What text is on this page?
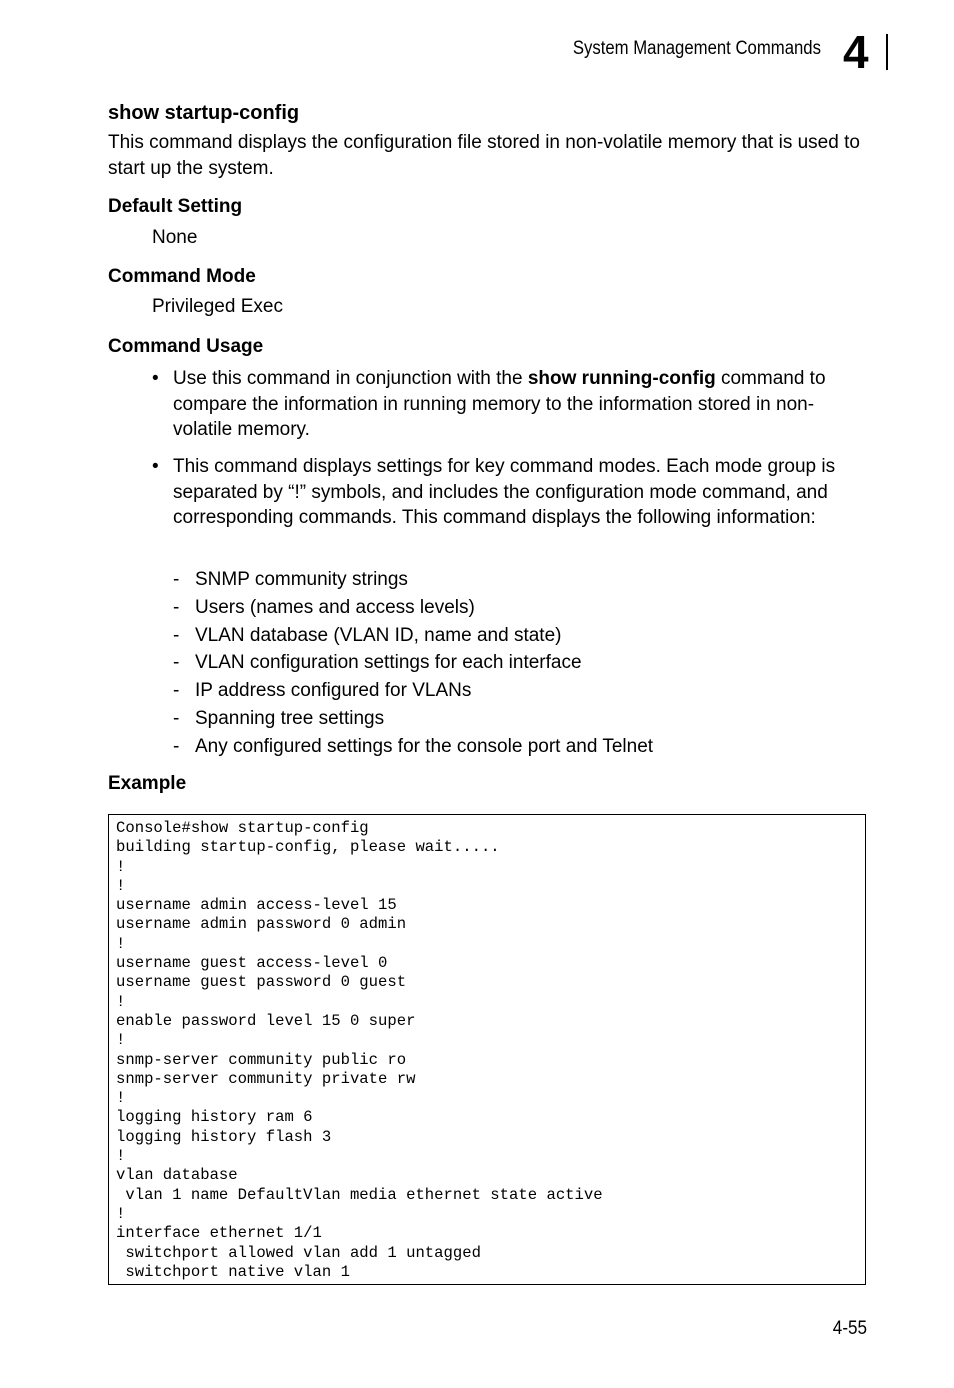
System Management Commands 4
show startup-config
This command displays the configuration file stored in non-volatile memory that is used to start up the system.
Default Setting
None
Command Mode
Privileged Exec
Command Usage
• Use this command in conjunction with the show running-config command to compare the information in running memory to the information stored in non-volatile memory.
• This command displays settings for key command modes. Each mode group is separated by “!” symbols, and includes the configuration mode command, and corresponding commands. This command displays the following information:
- SNMP community strings
- Users (names and access levels)
- VLAN database (VLAN ID, name and state)
- VLAN configuration settings for each interface
- IP address configured for VLANs
- Spanning tree settings
- Any configured settings for the console port and Telnet
Example
Console#show startup-config
building startup-config, please wait.....
!
!
username admin access-level 15
username admin password 0 admin
!
username guest access-level 0
username guest password 0 guest
!
enable password level 15 0 super
!
snmp-server community public ro
snmp-server community private rw
!
logging history ram 6
logging history flash 3
!
vlan database
vlan 1 name DefaultVlan media ethernet state active
!
interface ethernet 1/1
switchport allowed vlan add 1 untagged
switchport native vlan 1
4-55
